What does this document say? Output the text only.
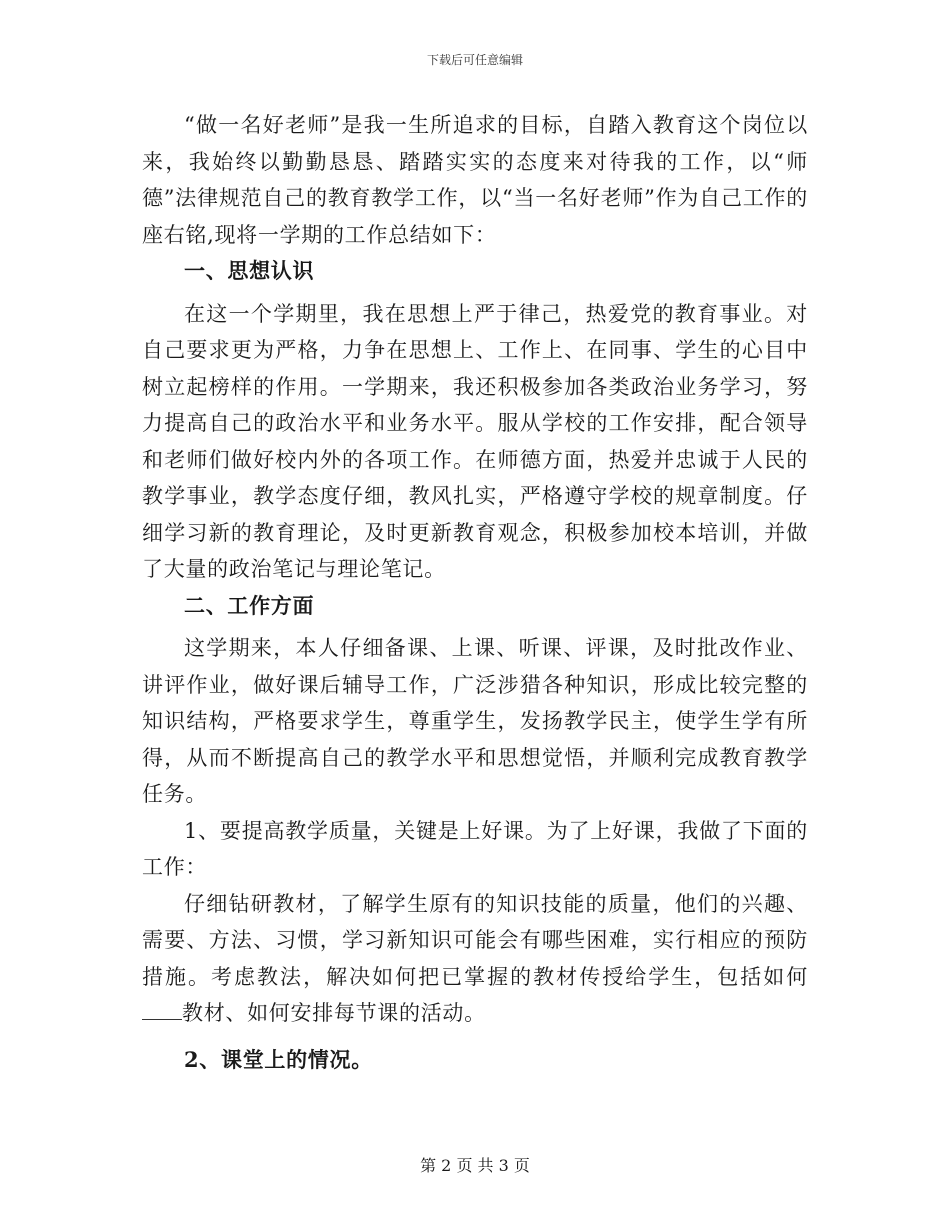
下载后可任意编辑

“做一名好老师”是我一生所追求的目标，自踏入教育这个岗位以来，我始终以勤勤恳恳、踏踏实实的态度来对待我的工作，以“师德”法律规范自己的教育教学工作，以“当一名好老师”作为自己工作的座右铭,现将一学期的工作总结如下：

一、思想认识

在这一个学期里，我在思想上严于律己，热爱党的教育事业。对自己要求更为严格，力争在思想上、工作上、在同事、学生的心目中树立起榜样的作用。一学期来，我还积极参加各类政治业务学习，努力提高自己的政治水平和业务水平。服从学校的工作安排，配合领导和老师们做好校内外的各项工作。在师德方面，热爱并忠诚于人民的教学事业，教学态度仔细，教风扎实，严格遵守学校的规章制度。仔细学习新的教育理论，及时更新教育观念，积极参加校本培训，并做了大量的政治笔记与理论笔记。

二、工作方面

这学期来，本人仔细备课、上课、听课、评课，及时批改作业、讲评作业，做好课后辅导工作，广泛涉猎各种知识，形成比较完整的知识结构，严格要求学生，尊重学生，发扬教学民主，使学生学有所得，从而不断提高自己的教学水平和思想觉悟，并顺利完成教育教学任务。

1、要提高教学质量，关键是上好课。为了上好课，我做了下面的工作：

仔细钻研教材，了解学生原有的知识技能的质量，他们的兴趣、需要、方法、习惯，学习新知识可能会有哪些困难，实行相应的预防措施。考虑教法，解决如何把已掌握的教材传授给学生，包括如何教材、如何安排每节课的活动。

2、课堂上的情况。

第 2 页 共 3 页
